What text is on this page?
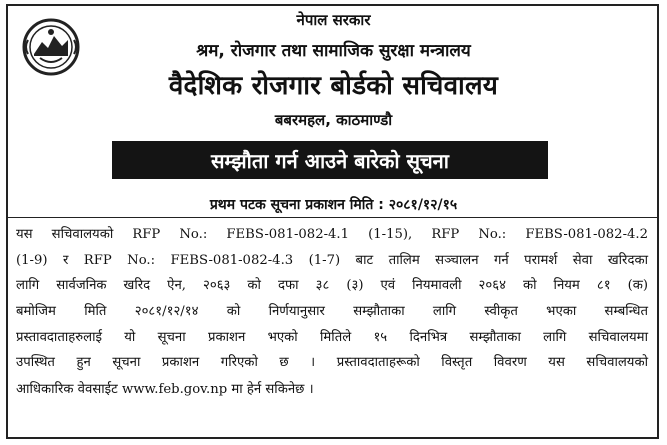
नेपाल सरकार
श्रम, रोजगार तथा सामाजिक सुरक्षा मन्त्रालय
वैदेशिक रोजगार बोर्डको सचिवालय
बबरमहल, काठमाण्डौ
सम्झौता गर्न आउने बारेको सूचना
प्रथम पटक सूचना प्रकाशन मिति : २०८१/१२/१५
यस सचिवालयको RFP No.: FEBS-081-082-4.1 (1-15), RFP No.: FEBS-081-082-4.2
(1-9) र RFP No.: FEBS-081-082-4.3 (1-7) बाट तालिम सञ्चालन गर्न परामर्श सेवा खरिदका
लागि सार्वजनिक खरिद ऐन, २०६३ को दफा ३८ (३) एवं नियमावली २०६४ को नियम ८१ (क)
बमोजिम मिति २०८१/१२/१४ को निर्णयानुसार सम्झौताका लागि स्वीकृत भएका सम्बन्धित
प्रस्तावदाताहरुलाई यो सूचना प्रकाशन भएको मितिले १५ दिनभित्र सम्झौताका लागि सचिवालयमा
उपस्थित हुन सूचना प्रकाशन गरिएको छ । प्रस्तावदाताहरूको विस्तृत विवरण यस सचिवालयको
आधिकारिक वेवसाईट www.feb.gov.np मा हेर्न सकिनेछ ।
